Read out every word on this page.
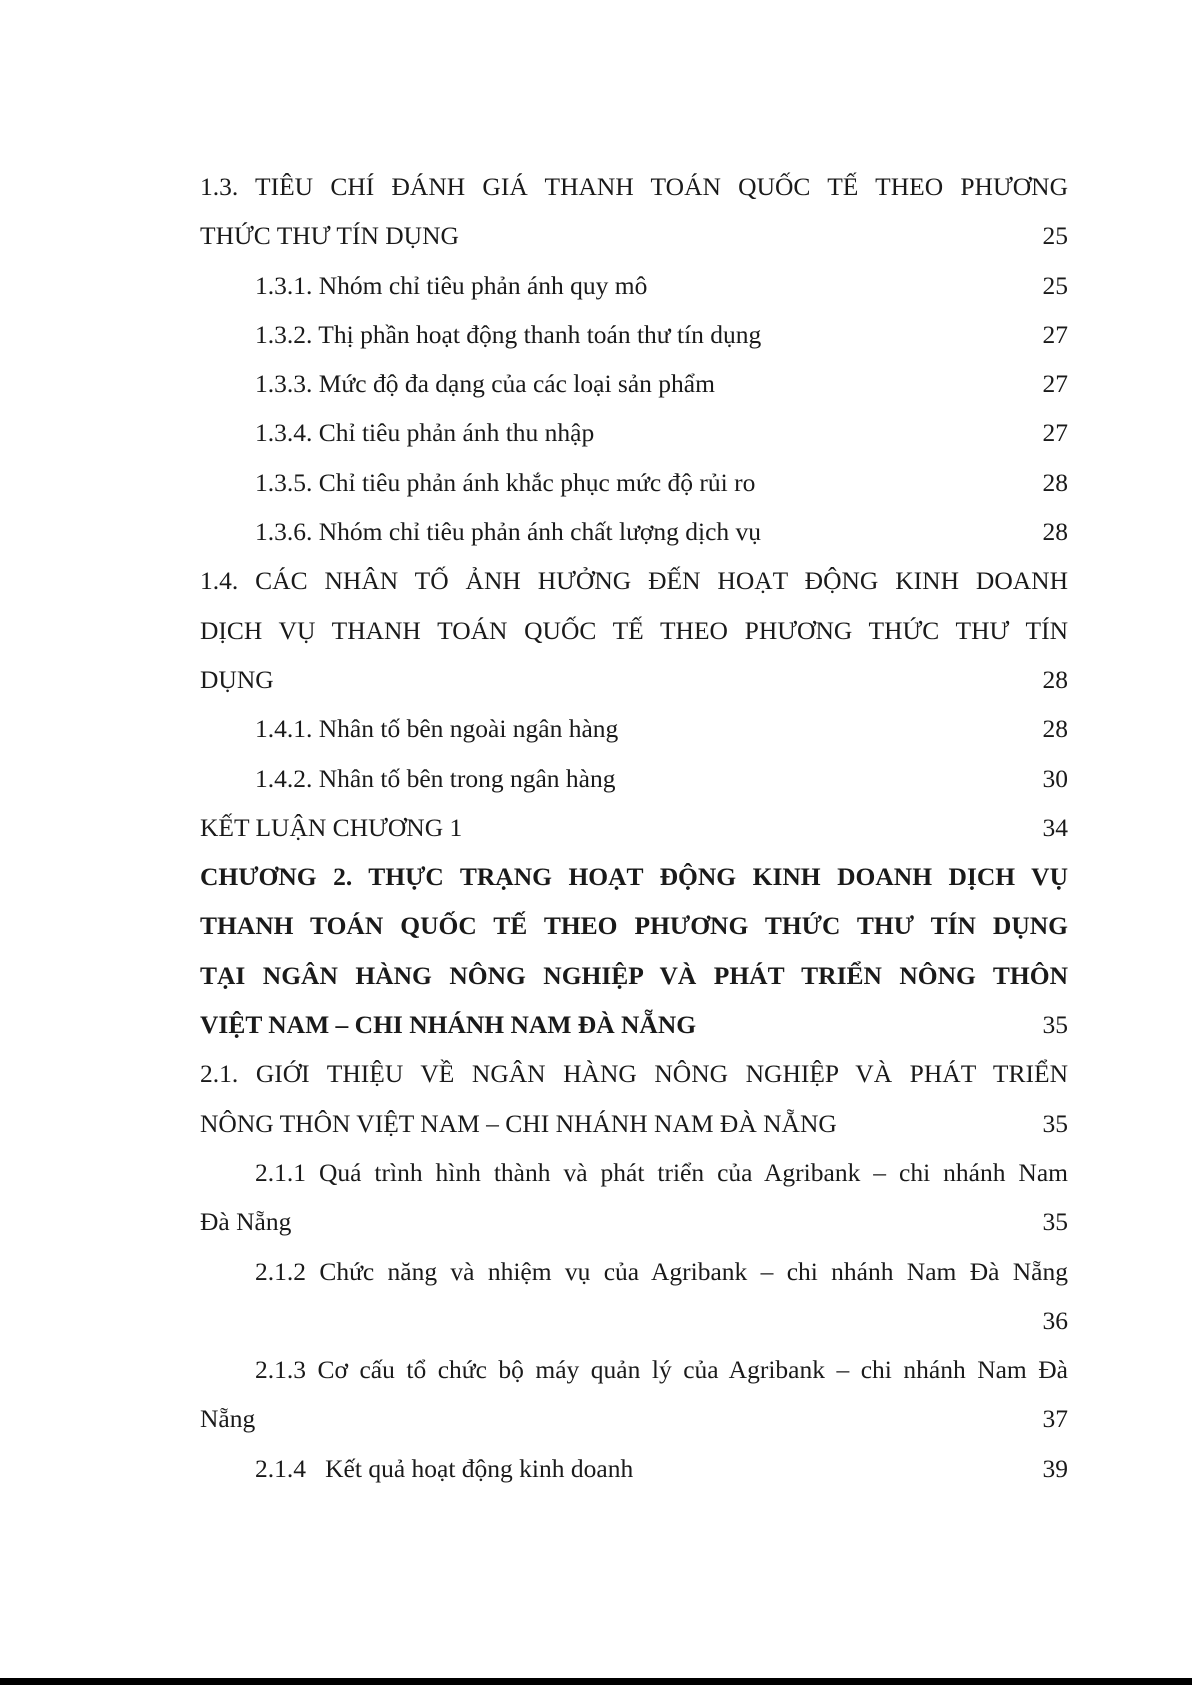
1.3. TIÊU CHÍ ĐÁNH GIÁ THANH TOÁN QUỐC TẾ THEO PHƯƠNG
THỨC THƯ TÍN DỤNG	25
1.3.1. Nhóm chỉ tiêu phản ánh quy mô	25
1.3.2. Thị phần hoạt động thanh toán thư tín dụng	27
1.3.3. Mức độ đa dạng của các loại sản phẩm	27
1.3.4. Chỉ tiêu phản ánh thu nhập	27
1.3.5. Chỉ tiêu phản ánh khắc phục mức độ rủi ro	28
1.3.6. Nhóm chỉ tiêu phản ánh chất lượng dịch vụ	28
1.4. CÁC NHÂN TỐ ẢNH HƯỞNG ĐẾN HOẠT ĐỘNG KINH DOANH
DỊCH VỤ THANH TOÁN QUỐC TẾ THEO PHƯƠNG THỨC THƯ TÍN
DỤNG	28
1.4.1. Nhân tố bên ngoài ngân hàng	28
1.4.2. Nhân tố bên trong ngân hàng	30
KẾT LUẬN CHƯƠNG 1	34
CHƯƠNG 2. THỰC TRẠNG HOẠT ĐỘNG KINH DOANH DỊCH VỤ
THANH TOÁN QUỐC TẾ THEO PHƯƠNG THỨC THƯ TÍN DỤNG
TẠI NGÂN HÀNG NÔNG NGHIỆP VÀ PHÁT TRIỂN NÔNG THÔN
VIỆT NAM – CHI NHÁNH NAM ĐÀ NẴNG	35
2.1. GIỚI THIỆU VỀ NGÂN HÀNG NÔNG NGHIỆP VÀ PHÁT TRIỂN
NÔNG THÔN VIỆT NAM – CHI NHÁNH NAM ĐÀ NẴNG	35
2.1.1 Quá trình hình thành và phát triển của Agribank – chi nhánh Nam
Đà Nẵng	35
2.1.2 Chức năng và nhiệm vụ của Agribank – chi nhánh Nam Đà Nẵng
36
2.1.3 Cơ cấu tổ chức bộ máy quản lý của Agribank – chi nhánh Nam Đà
Nẵng	37
2.1.4   Kết quả hoạt động kinh doanh	39
